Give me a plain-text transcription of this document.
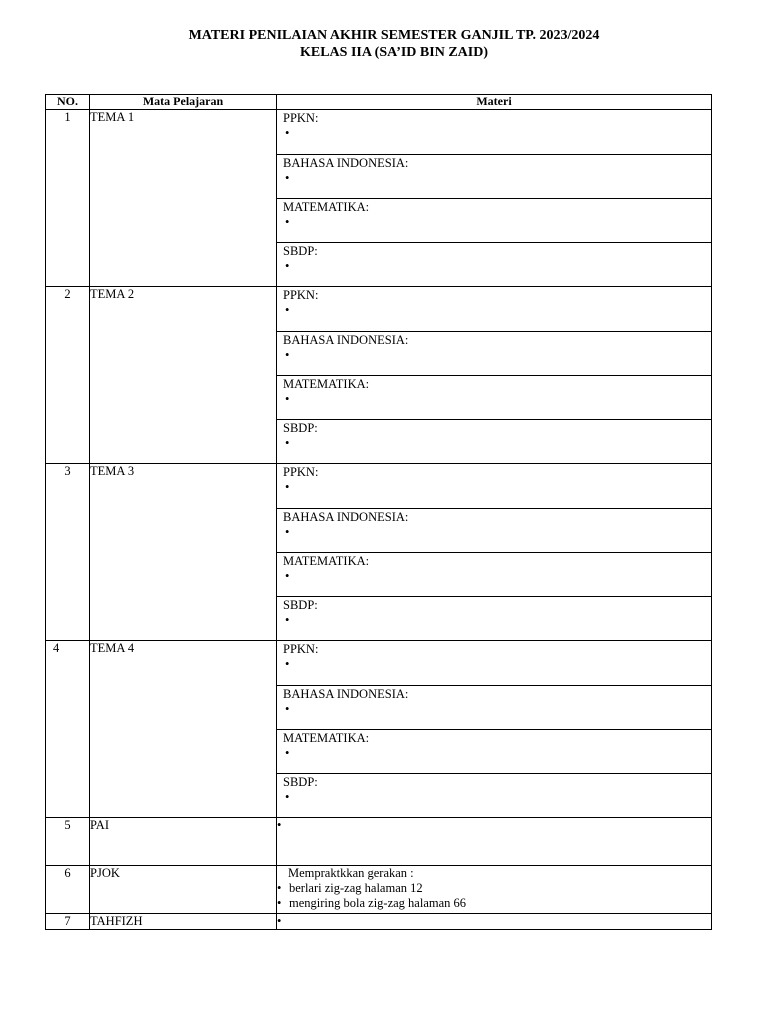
MATERI PENILAIAN AKHIR SEMESTER GANJIL TP. 2023/2024
KELAS IIA (SA’ID BIN ZAID)
NO.	Mata Pelajaran	Materi
1	TEMA 1		PPKN:
•

BAHASA INDONESIA:
•

MATEMATIKA:
•

SBDP:
•

2	TEMA 2		PPKN:
•

BAHASA INDONESIA:
•

MATEMATIKA:
•

SBDP:
•

3	TEMA 3		PPKN:
•

BAHASA INDONESIA:
•

MATEMATIKA:
•

SBDP:
•

4	TEMA 4		PPKN:
•

BAHASA INDONESIA:
•

MATEMATIKA:
•

SBDP:
•

5	PAI	•
6	PJOK	Mempraktkkan gerakan :
• berlari zig-zag halaman 12
• mengiring bola zig-zag halaman 66

7	TAHFIZH	•
